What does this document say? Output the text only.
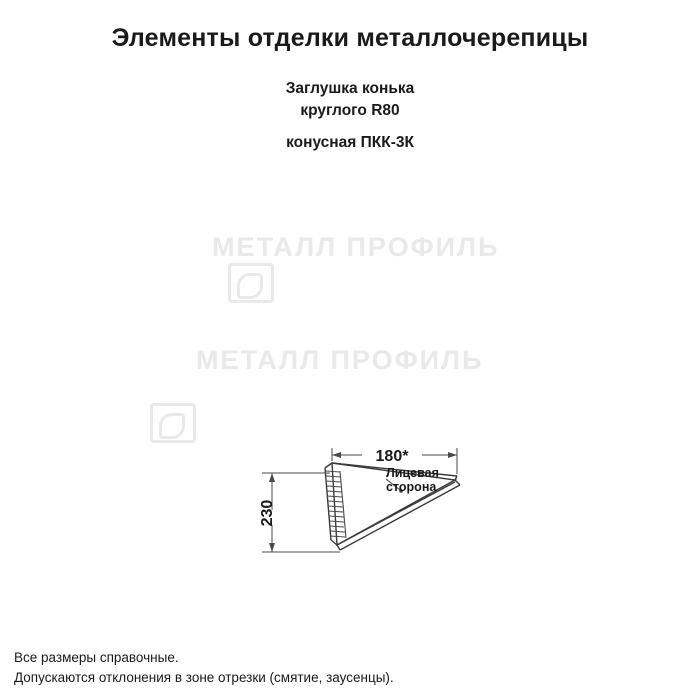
МЕТАЛЛ ПРОФИЛЬ
МЕТАЛЛ ПРОФИЛЬ
Элементы отделки металлочерепицы
Заглушка конька
круглого R80
конусная ПКК-3К
180*
230
Лицевая
сторона
Все размеры справочные.
Допускаются отклонения в зоне отрезки (смятие, заусенцы).
